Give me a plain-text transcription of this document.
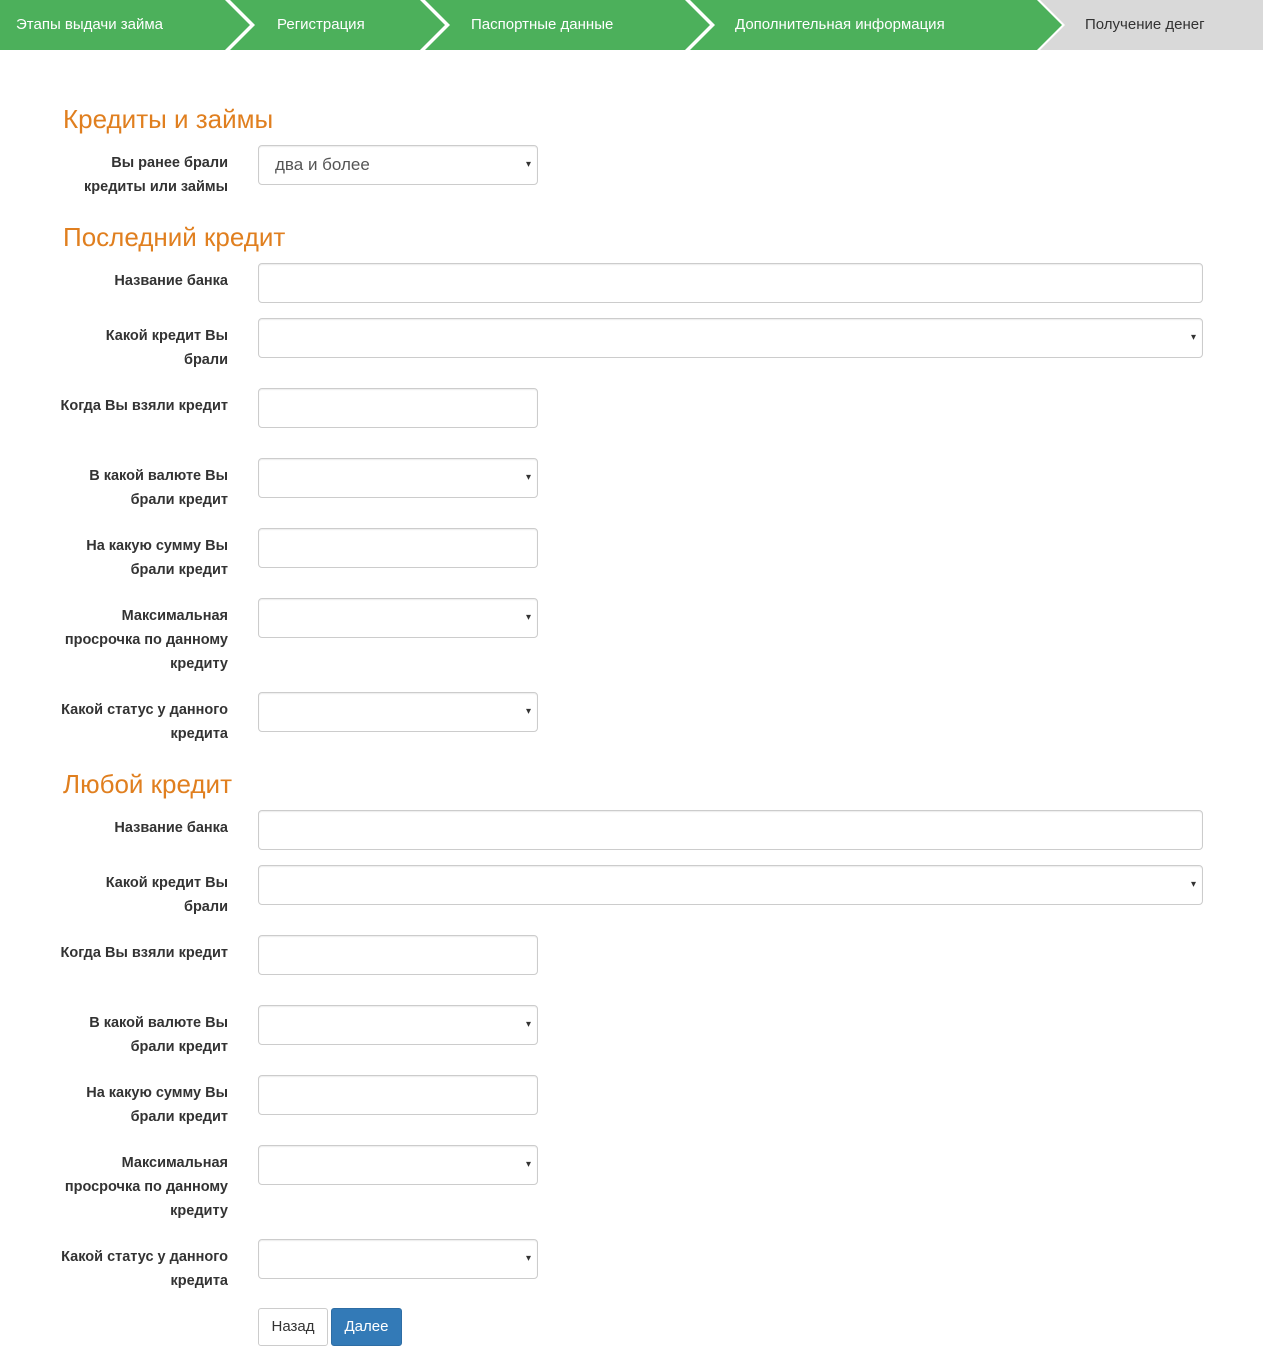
Получение денег
Дополнительная информация
Паспортные данные
Регистрация
Этапы выдачи займа
Кредиты и займы
Вы ранее брали кредиты или займы
два и более	▾
Последний кредит
Название банка
Какой кредит Вы брали
▾
Когда Вы взяли кредит
В какой валюте Вы брали кредит
▾
На какую сумму Вы брали кредит
Максимальная просрочка по данному кредиту
▾
Какой статус у данного кредита
▾
Любой кредит
Название банка
Какой кредит Вы брали
▾
Когда Вы взяли кредит
В какой валюте Вы брали кредит
▾
На какую сумму Вы брали кредит
Максимальная просрочка по данному кредиту
▾
Какой статус у данного кредита
▾
Назад	Далее
